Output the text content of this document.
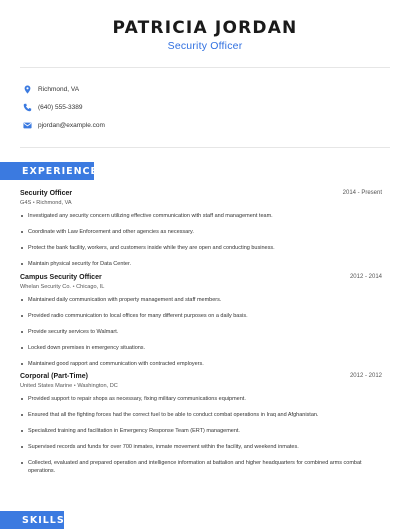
PATRICIA JORDAN
Security Officer
Richmond, VA
(640) 555-3389
pjordan@example.com
EXPERIENCE
Security Officer	2014 - Present
G4S • Richmond, VA
Investigated any security concern utilizing effective communication with staff and management team.
Coordinate with Law Enforcement and other agencies as necessary.
Protect the bank facility, workers, and customers inside while they are open and conducting business.
Maintain physical security for Data Center.
Campus Security Officer	2012 - 2014
Whelan Security Co. • Chicago, IL
Maintained daily communication with property management and staff members.
Provided radio communication to local offices for many different purposes on a daily basis.
Provide security services to Walmart.
Locked down premises in emergency situations.
Maintained good rapport and communication with contracted employers.
Corporal (Part-Time)	2012 - 2012
United States Marine • Washington, DC
Provided support to repair shops as necessary, fixing military communications equipment.
Ensured that all the fighting forces had the correct fuel to be able to conduct combat operations in Iraq and Afghanistan.
Specialized training and facilitation in Emergency Response Team (ERT) management.
Supervised records and funds for over 700 inmates, inmate movement within the facility, and weekend inmates.
Collected, evaluated and prepared operation and intelligence information at battalion and higher headquarters for combined arms combat operations.
SKILLS
